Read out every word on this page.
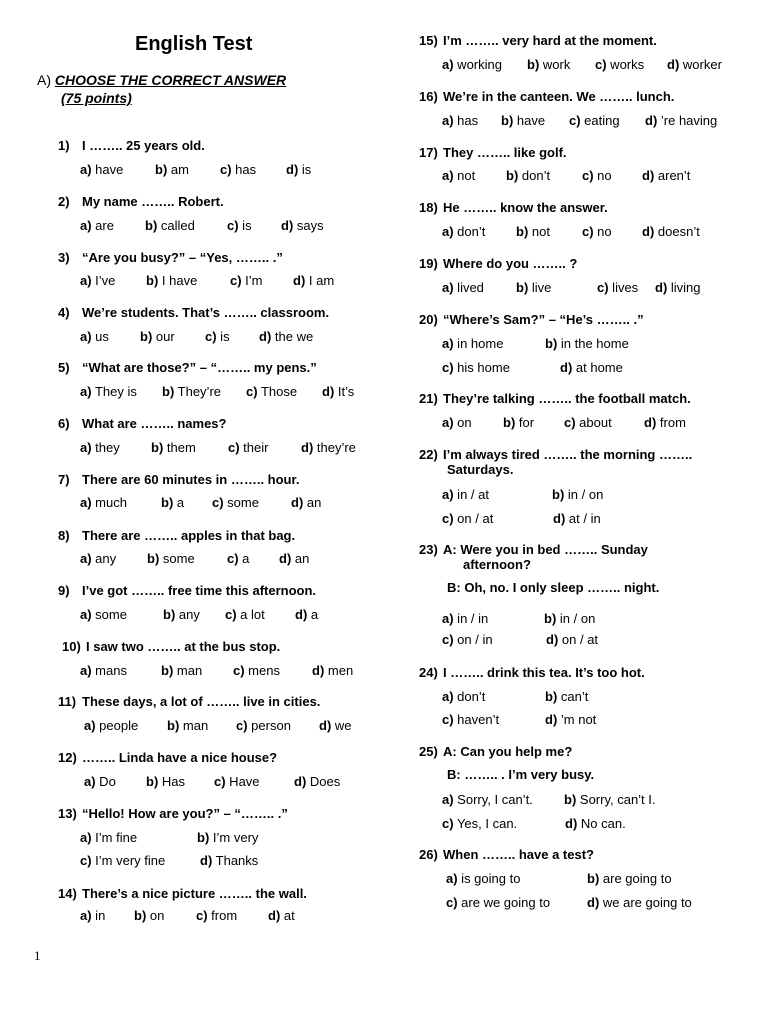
English Test
A) CHOOSE THE CORRECT ANSWER
(75 points)
1) I …….. 25 years old.
a) have b) am c) has d) is
2) My name …….. Robert.
a) are b) called c) is d) says
3) “Are you busy?” – “Yes, …….. .”
a) I’ve b) I have	c) I’m d) I am
4) We’re students. That’s …….. classroom.
a) us b) our c) is d) the we
5) “What are those?” – “…….. my pens.”
a) They is b) They’re c) Those d) It’s
6) What are …….. names?
a) they b) them c) their	d) they’re
7) There are 60 minutes in …….. hour.
a) much	b) a c) some d) an
8) There are …….. apples in that bag.
a) any b) some c) a d) an
9) I’ve got …….. free time this afternoon.
a) some	b) any c) a lot d) a
10) I saw two …….. at the bus stop.
a) mans	b) man c) mens d) men
11) These days, a lot of …….. live in cities.
a) people b) man c) person d) we
12) …….. Linda have a nice house?
a) Do b) Has c) Have	d) Does
13) “Hello! How are you?” – “…….. .”
a) I’m fine	b) I’m very
c) I’m very fine	d) Thanks
14) There’s a nice picture …….. the wall.
a) in b) on c) from d) at
15) I’m …….. very hard at the moment.
a) working b) work c) works d) worker
16) We’re in the canteen. We …….. lunch.
a) has b) have c) eating d) ’re having
17) They …….. like golf.
a) not b) don’t c) no d) aren’t
18) He …….. know the answer.
a) don’t b) not c) no d) doesn’t
19) Where do you …….. ?
a) lived b) live	c) lives d) living
20) “Where’s Sam?” – “He’s …….. .”
a) in home	b) in the home
c) his home	d) at home
21) They’re talking …….. the football match.
a) on b) for c) about d) from
22) I’m always tired …….. the morning ……..
Saturdays.
a) in / at	b) in / on
c) on / at	d) at / in
23) A: Were you in bed …….. Sunday
afternoon?
B: Oh, no. I only sleep …….. night.
a) in / in	b) in / on
c) on / in	d) on / at
24) I …….. drink this tea. It’s too hot.
a) don’t	b) can’t
c) haven’t	d) ’m not
25) A: Can you help me?
B: …….. . I’m very busy.
a) Sorry, I can’t. b) Sorry, can’t I.
c) Yes, I can.	d) No can.
26) When …….. have a test?
a) is going to	b) are going to
c) are we going to	d) we are going to
1
